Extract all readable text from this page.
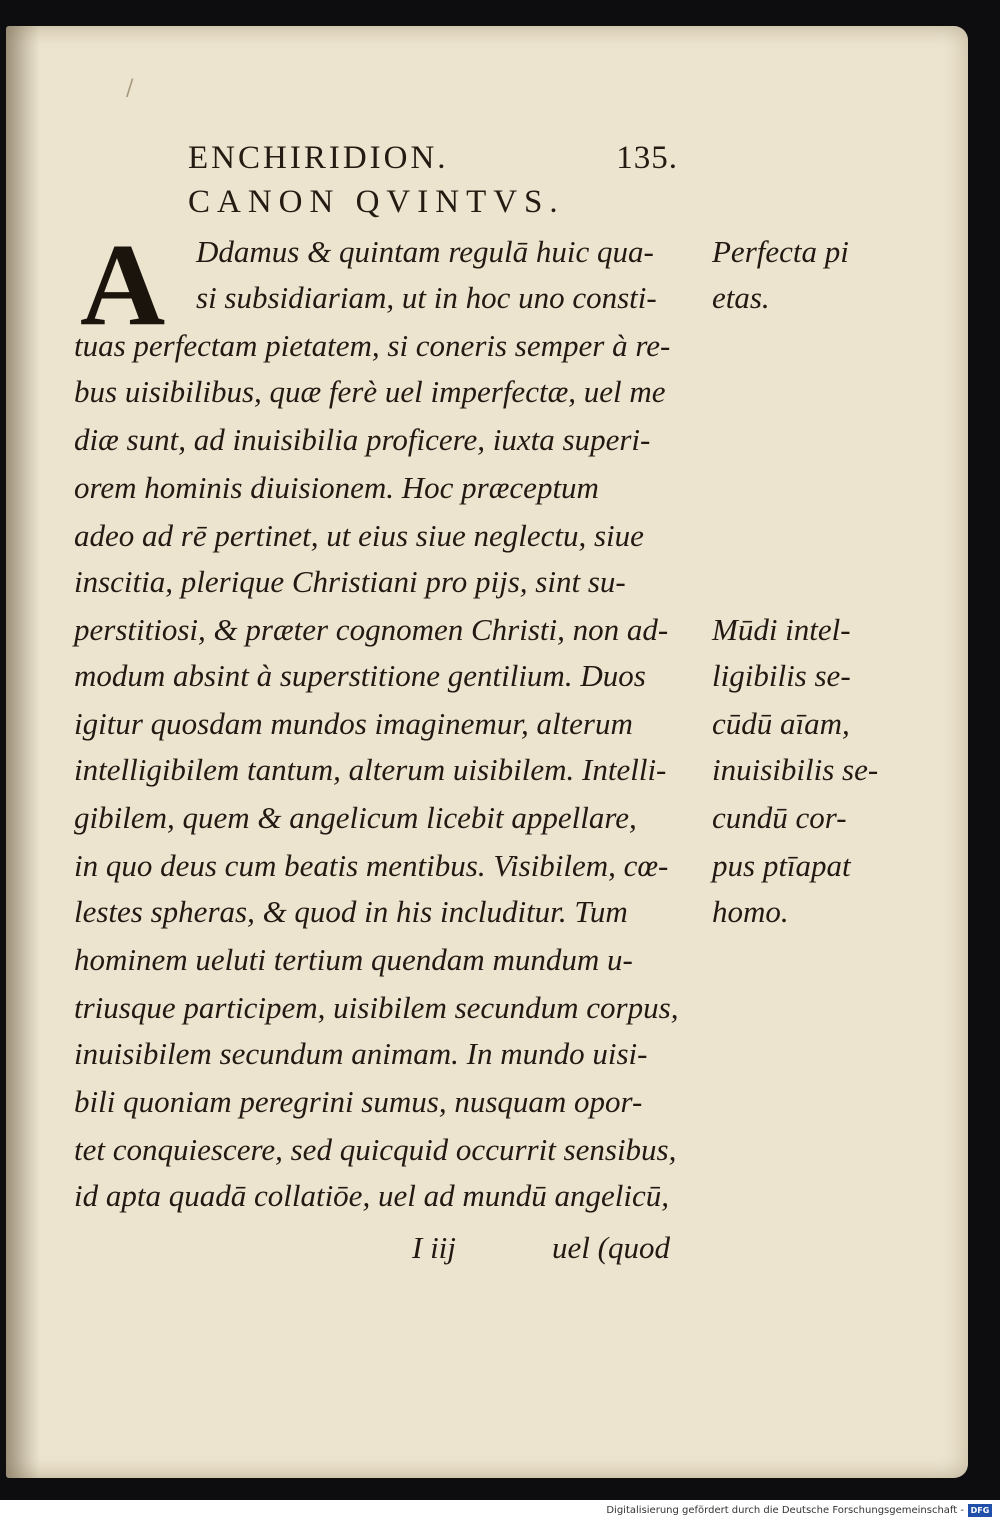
/
ENCHIRIDION.	135.
CANON QVINTVS.
A Ddamus & quintam regulā huic qua-
si subsidiariam, ut in hoc uno consti-
tuas perfectam pietatem, si coneris semper à re-
bus uisibilibus, quæ ferè uel imperfectæ, uel me
diæ sunt, ad inuisibilia proficere, iuxta superi-
orem hominis diuisionem. Hoc præceptum
adeo ad rē pertinet, ut eius siue neglectu, siue
inscitia, plerique Christiani pro pijs, sint su-
perstitiosi, & præter cognomen Christi, non ad-
modum absint à superstitione gentilium. Duos
igitur quosdam mundos imaginemur, alterum
intelligibilem tantum, alterum uisibilem. Intelli-
gibilem, quem & angelicum licebit appellare,
in quo deus cum beatis mentibus. Visibilem, cœ-
lestes spheras, & quod in his includitur. Tum
hominem ueluti tertium quendam mundum u-
triusque participem, uisibilem secundum corpus,
inuisibilem secundum animam. In mundo uisi-
bili quoniam peregrini sumus, nusquam opor-
tet conquiescere, sed quicquid occurrit sensibus,
id apta quadā collatiōe, uel ad mundū angelicū,
Perfecta pi
etas.
Mūdi intel-
ligibilis se-
cūdū aīam,
inuisibilis se-
cundū cor-
pus ptīapat
homo.
I iij	uel (quod
Digitalisierung gefördert durch die Deutsche Forschungsgemeinschaft - DFG
